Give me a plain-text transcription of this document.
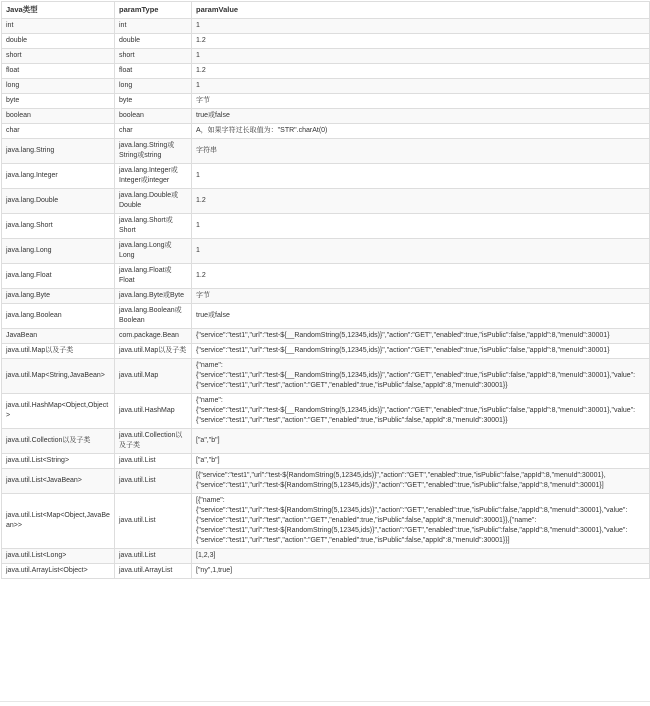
Java类型	paramType	paramValue
int	int	1
double	double	1.2
short	short	1
float	float	1.2
long	long	1
byte	byte	字节
boolean	boolean	true或false
char	char	A，如果字符过长取值为："STR".charAt(0)
java.lang.String	java.lang.String或String或string	字符串
java.lang.Integer	java.lang.Integer或Integer或integer	1
java.lang.Double	java.lang.Double或Double	1.2
java.lang.Short	java.lang.Short或Short	1
java.lang.Long	java.lang.Long或Long	1
java.lang.Float	java.lang.Float或Float	1.2
java.lang.Byte	java.lang.Byte或Byte	字节
java.lang.Boolean	java.lang.Boolean或Boolean	true或false
JavaBean	com.package.Bean	{"service":"test1","url":"test-${__RandomString(5,12345,ids)}","action":"GET","enabled":true,"isPublic":false,"appId":8,"menuId":30001}
java.util.Map以及子类	java.util.Map以及子类	{"service":"test1","url":"test-${__RandomString(5,12345,ids)}","action":"GET","enabled":true,"isPublic":false,"appId":8,"menuId":30001}
java.util.Map<String,JavaBean>	java.util.Map	{"name":{"service":"test1","url":"test-${__RandomString(5,12345,ids)}","action":"GET","enabled":true,"isPublic":false,"appId":8,"menuId":30001},"value":{"service":"test1","url":"test","action":"GET","enabled":true,"isPublic":false,"appId":8,"menuId":30001}}
java.util.HashMap<Object,Object>	java.util.HashMap	{"name":{"service":"test1","url":"test-${__RandomString(5,12345,ids)}","action":"GET","enabled":true,"isPublic":false,"appId":8,"menuId":30001},"value":{"service":"test1","url":"test","action":"GET","enabled":true,"isPublic":false,"appId":8,"menuId":30001}}
java.util.Collection以及子类	java.util.Collection以及子类	["a","b"]
java.util.List<String>	java.util.List	["a","b"]
java.util.List<JavaBean>	java.util.List	[{"service":"test1","url":"test-${RandomString(5,12345,ids)}","action":"GET","enabled":true,"isPublic":false,"appId":8,"menuId":30001},{"service":"test1","url":"test-${RandomString(5,12345,ids)}","action":"GET","enabled":true,"isPublic":false,"appId":8,"menuId":30001}]
java.util.List<Map<Object,JavaBean>>	java.util.List	[{"name":{"service":"test1","url":"test-${RandomString(5,12345,ids)}","action":"GET","enabled":true,"isPublic":false,"appId":8,"menuId":30001},"value":{"service":"test1","url":"test","action":"GET","enabled":true,"isPublic":false,"appId":8,"menuId":30001}},{"name":{"service":"test1","url":"test-${RandomString(5,12345,ids)}","action":"GET","enabled":true,"isPublic":false,"appId":8,"menuId":30001},"value":{"service":"test1","url":"test","action":"GET","enabled":true,"isPublic":false,"appId":8,"menuId":30001}}]
java.util.List<Long>	java.util.List	[1,2,3]
java.util.ArrayList<Object>	java.util.ArrayList	["ny",1,true]
